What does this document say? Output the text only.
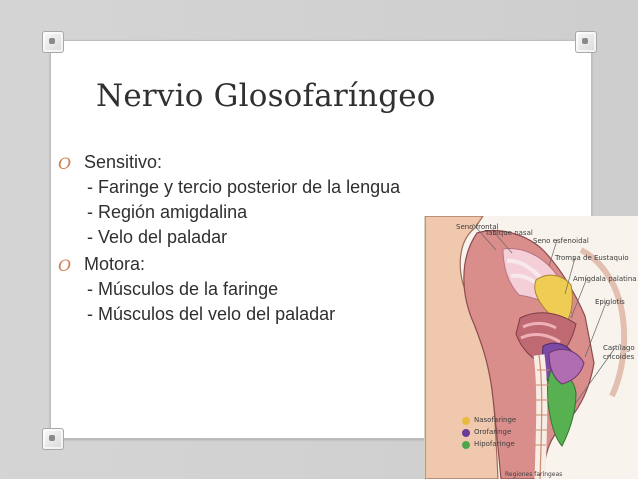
Nervio Glosofaríngeo
O Sensitivo:
- Faringe y tercio posterior de la lengua
- Región amigdalina
- Velo del paladar
O Motora:
- Músculos de la faringe
- Músculos del velo del paladar
Seno frontal
Tabique nasal
Seno esfenoidal
Trompa de Eustaquio
Amígdala palatina
Epiglotis
Cartílago cricoides
Nasofaringe
Orofaringe
Hipofaringe
Regiones faríngeas
